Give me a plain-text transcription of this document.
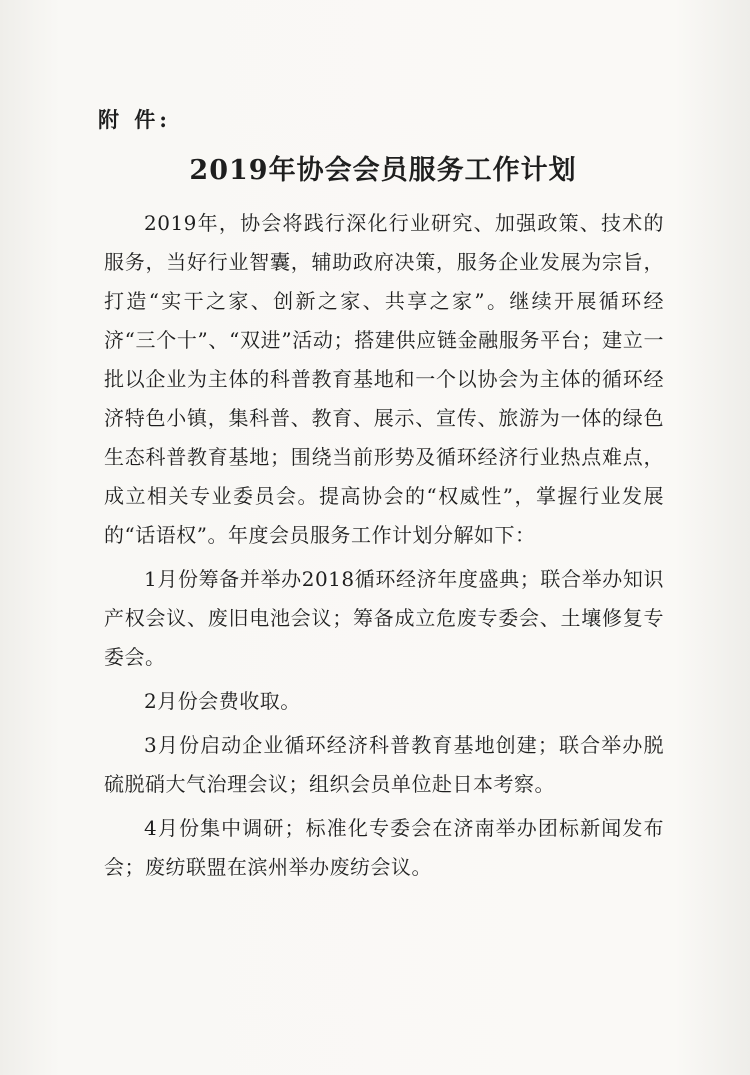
附 件:
2019年协会会员服务工作计划

2019年，协会将践行深化行业研究、加强政策、技术的服务，当好行业智囊，辅助政府决策，服务企业发展为宗旨，打造“实干之家、创新之家、共享之家”。继续开展循环经济“三个十”、“双进”活动；搭建供应链金融服务平台；建立一批以企业为主体的科普教育基地和一个以协会为主体的循环经济特色小镇，集科普、教育、展示、宣传、旅游为一体的绿色生态科普教育基地；围绕当前形势及循环经济行业热点难点，成立相关专业委员会。提高协会的“权威性”，掌握行业发展的“话语权”。年度会员服务工作计划分解如下：

1月份筹备并举办2018循环经济年度盛典；联合举办知识产权会议、废旧电池会议；筹备成立危废专委会、土壤修复专委会。

2月份会费收取。

3月份启动企业循环经济科普教育基地创建；联合举办脱硫脱硝大气治理会议；组织会员单位赴日本考察。

4月份集中调研；标准化专委会在济南举办团标新闻发布会；废纺联盟在滨州举办废纺会议。
